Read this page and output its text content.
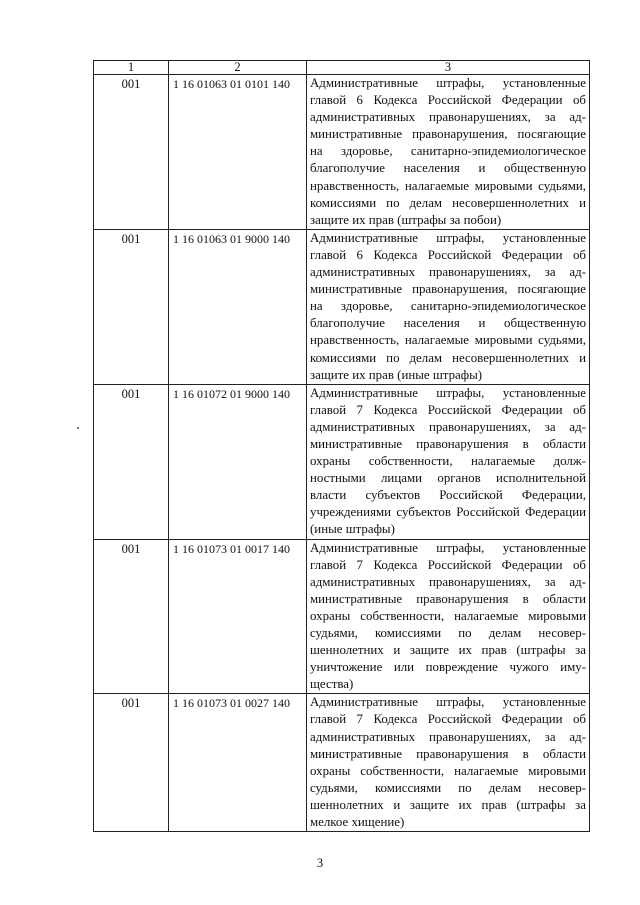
1	2	3
001	1 16 01063 01 0101 140	Административные штрафы, установленные главой 6 Кодекса Российской Федерации об административных правонарушениях, за административные правонарушения, посягающие на здоровье, санитарно-эпидемиологическое благополучие населения и общественную нравственность, налагаемые мировыми судьями, комиссиями по делам несовершеннолетних и защите их прав (штрафы за побои)
001	1 16 01063 01 9000 140	Административные штрафы, установленные главой 6 Кодекса Российской Федерации об административных правонарушениях, за административные правонарушения, посягающие на здоровье, санитарно-эпидемиологическое благополучие населения и общественную нравственность, налагаемые мировыми судьями, комиссиями по делам несовершеннолетних и защите их прав (иные штрафы)
001	1 16 01072 01 9000 140	Административные штрафы, установленные главой 7 Кодекса Российской Федерации об административных правонарушениях, за административные правонарушения в области охраны собственности, налагаемые должностными лицами органов исполнительной власти субъектов Российской Федерации, учреждениями субъектов Российской Федерации (иные штрафы)
001	1 16 01073 01 0017 140	Административные штрафы, установленные главой 7 Кодекса Российской Федерации об административных правонарушениях, за административные правонарушения в области охраны собственности, налагаемые мировыми судьями, комиссиями по делам несовершеннолетних и защите их прав (штрафы за уничтожение или повреждение чужого имущества)
001	1 16 01073 01 0027 140	Административные штрафы, установленные главой 7 Кодекса Российской Федерации об административных правонарушениях, за административные правонарушения в области охраны собственности, налагаемые мировыми судьями, комиссиями по делам несовершеннолетних и защите их прав (штрафы за мелкое хищение)
3
